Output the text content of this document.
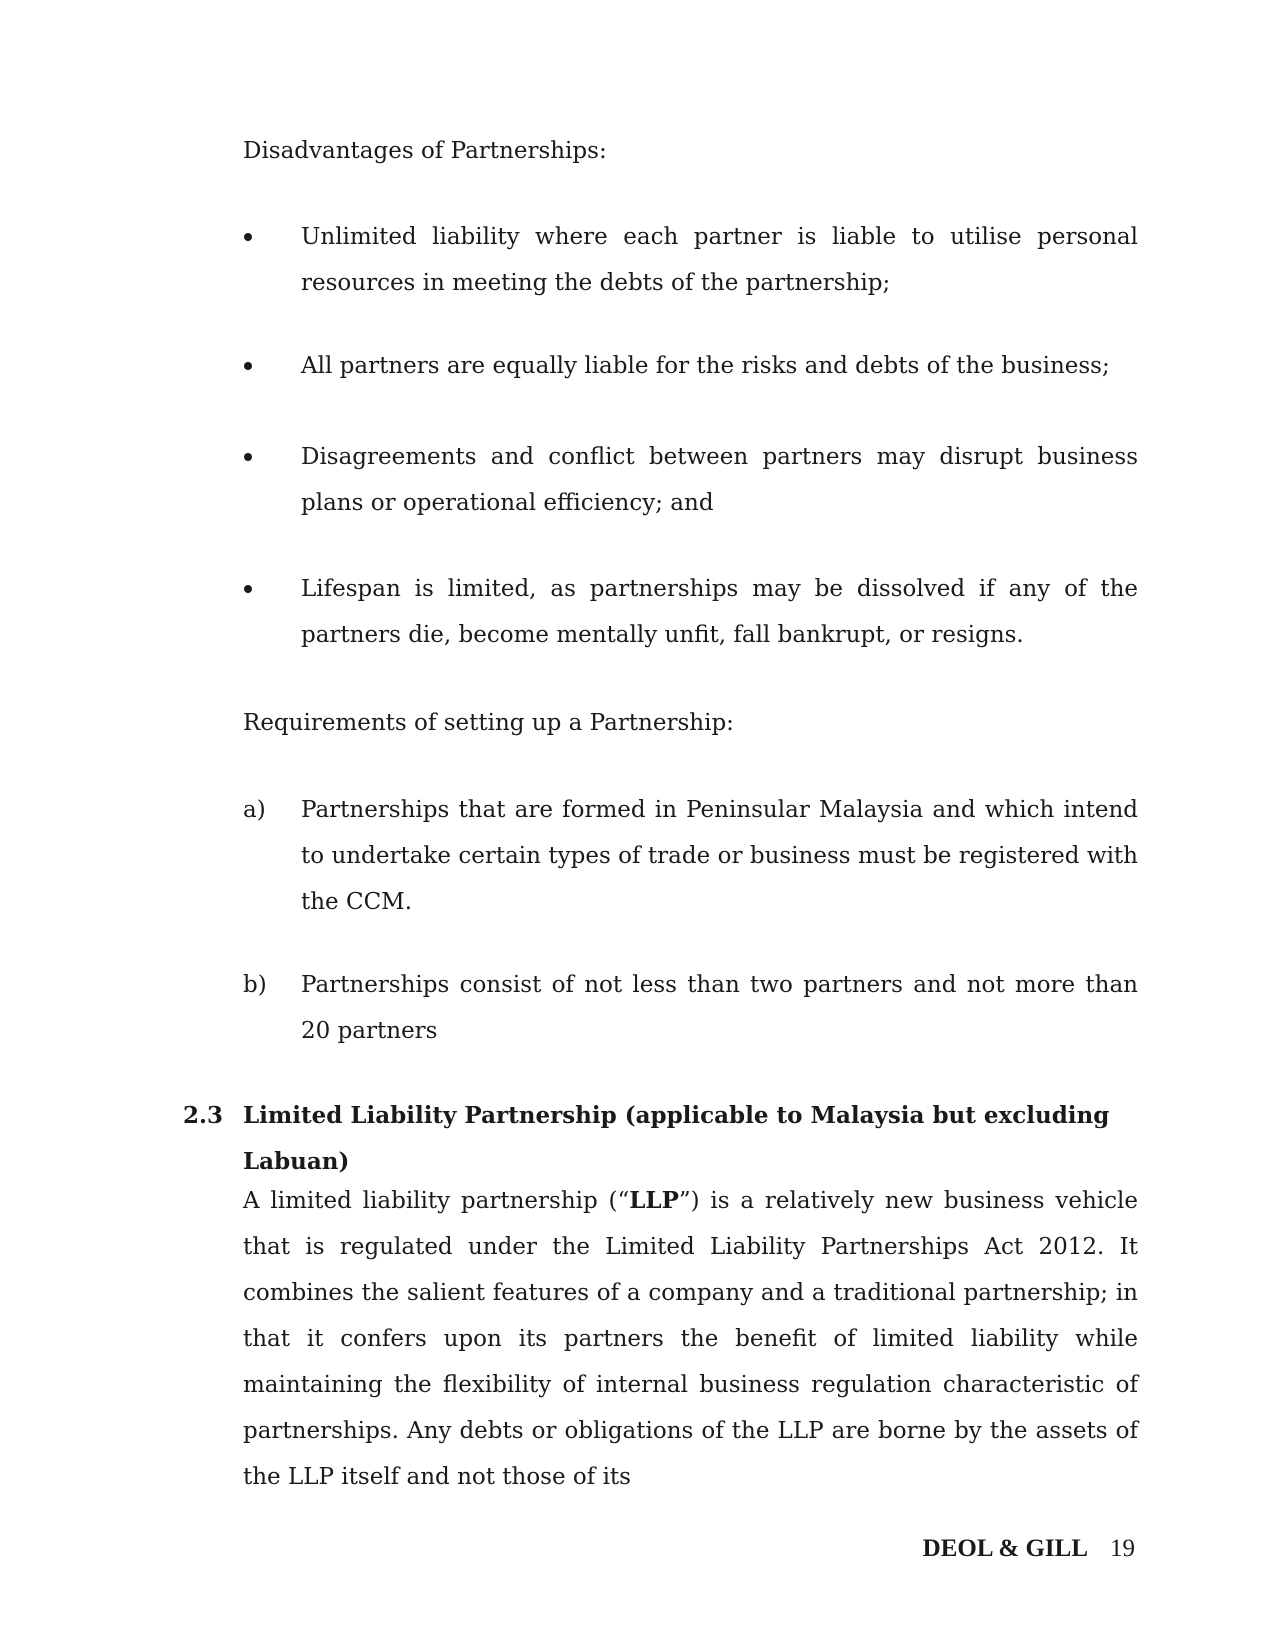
Disadvantages of Partnerships:

Unlimited liability where each partner is liable to utilise personal resources in meeting the debts of the partnership;
All partners are equally liable for the risks and debts of the business;
Disagreements and conflict between partners may disrupt business plans or operational efficiency; and
Lifespan is limited, as partnerships may be dissolved if any of the partners die, become mentally unfit, fall bankrupt, or resigns.

Requirements of setting up a Partnership:

a)	Partnerships that are formed in Peninsular Malaysia and which intend to undertake certain types of trade or business must be registered with the CCM.
b)	Partnerships consist of not less than two partners and not more than 20 partners
2.3 Limited Liability Partnership (applicable to Malaysia but excluding Labuan)

A limited liability partnership (“LLP”) is a relatively new business vehicle that is regulated under the Limited Liability Partnerships Act 2012. It combines the salient features of a company and a traditional partnership; in that it confers upon its partners the benefit of limited liability while maintaining the flexibility of internal business regulation characteristic of partnerships. Any debts or obligations of the LLP are borne by the assets of the LLP itself and not those of its

DEOL & GILL 19
